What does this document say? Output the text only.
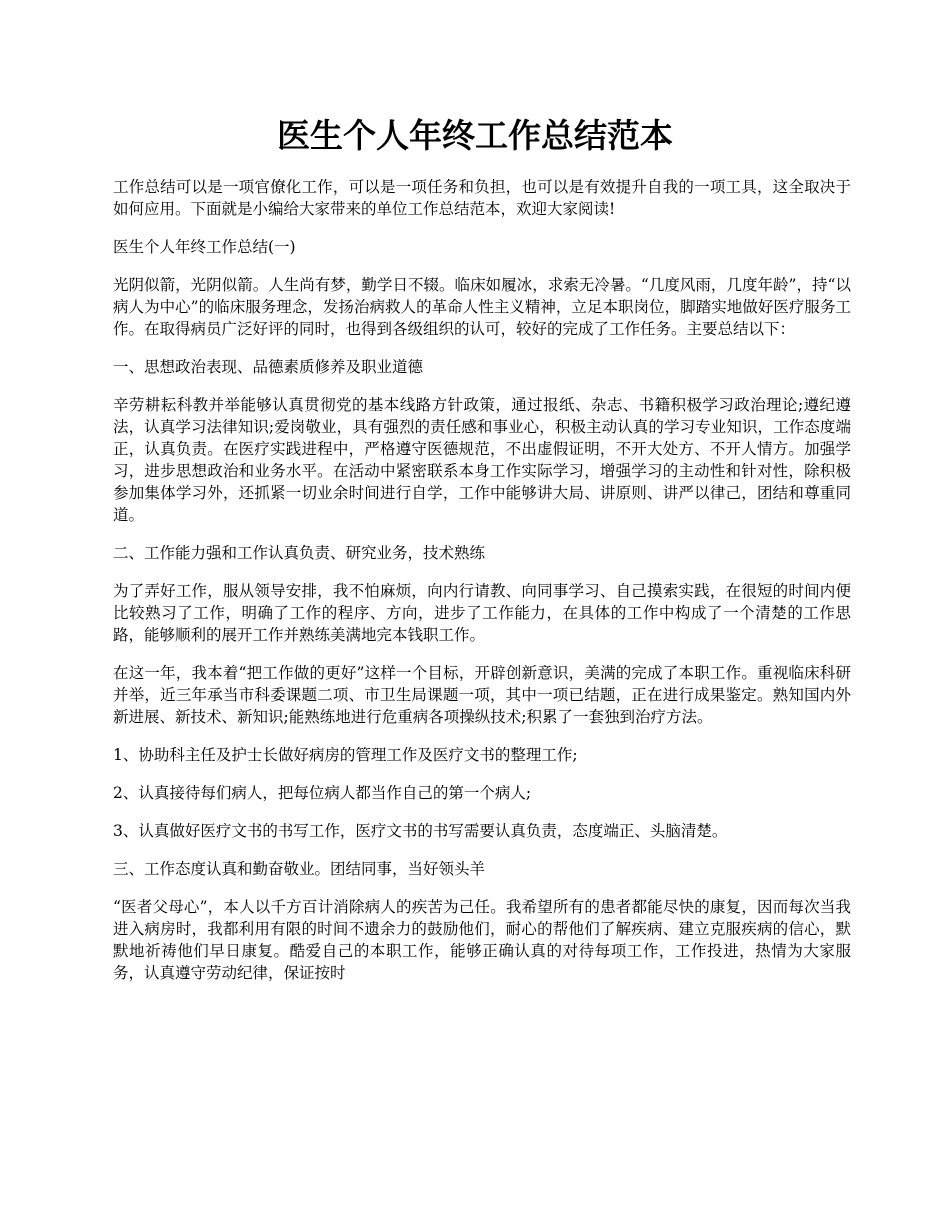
医生个人年终工作总结范本

工作总结可以是一项官僚化工作，可以是一项任务和负担，也可以是有效提升自我的一项工具，这全取决于如何应用。下面就是小编给大家带来的单位工作总结范本，欢迎大家阅读!

医生个人年终工作总结(一)

光阴似箭，光阴似箭。人生尚有梦，勤学日不辍。临床如履冰，求索无冷暑。“几度风雨，几度年龄”，持“以病人为中心”的临床服务理念，发扬治病救人的革命人性主义精神，立足本职岗位，脚踏实地做好医疗服务工作。在取得病员广泛好评的同时，也得到各级组织的认可，较好的完成了工作任务。主要总结以下：

一、思想政治表现、品德素质修养及职业道德

辛劳耕耘科教并举能够认真贯彻党的基本线路方针政策，通过报纸、杂志、书籍积极学习政治理论;遵纪遵法，认真学习法律知识;爱岗敬业，具有强烈的责任感和事业心，积极主动认真的学习专业知识，工作态度端正，认真负责。在医疗实践进程中，严格遵守医德规范，不出虚假证明，不开大处方、不开人情方。加强学习，进步思想政治和业务水平。在活动中紧密联系本身工作实际学习，增强学习的主动性和针对性，除积极参加集体学习外，还抓紧一切业余时间进行自学，工作中能够讲大局、讲原则、讲严以律己，团结和尊重同道。

二、工作能力强和工作认真负责、研究业务，技术熟练

为了弄好工作，服从领导安排，我不怕麻烦，向内行请教、向同事学习、自己摸索实践，在很短的时间内便比较熟习了工作，明确了工作的程序、方向，进步了工作能力，在具体的工作中构成了一个清楚的工作思路，能够顺利的展开工作并熟练美满地完本钱职工作。

在这一年，我本着“把工作做的更好”这样一个目标，开辟创新意识，美满的完成了本职工作。重视临床科研并举，近三年承当市科委课题二项、市卫生局课题一项，其中一项已结题，正在进行成果鉴定。熟知国内外新进展、新技术、新知识;能熟练地进行危重病各项操纵技术;积累了一套独到治疗方法。

1、协助科主任及护士长做好病房的管理工作及医疗文书的整理工作;

2、认真接待每们病人，把每位病人都当作自己的第一个病人;

3、认真做好医疗文书的书写工作，医疗文书的书写需要认真负责，态度端正、头脑清楚。

三、工作态度认真和勤奋敬业。团结同事，当好领头羊

“医者父母心”，本人以千方百计消除病人的疾苦为己任。我希望所有的患者都能尽快的康复，因而每次当我进入病房时，我都利用有限的时间不遗余力的鼓励他们，耐心的帮他们了解疾病、建立克服疾病的信心，默默地祈祷他们早日康复。酷爱自己的本职工作，能够正确认真的对待每项工作，工作投进，热情为大家服务，认真遵守劳动纪律，保证按时
